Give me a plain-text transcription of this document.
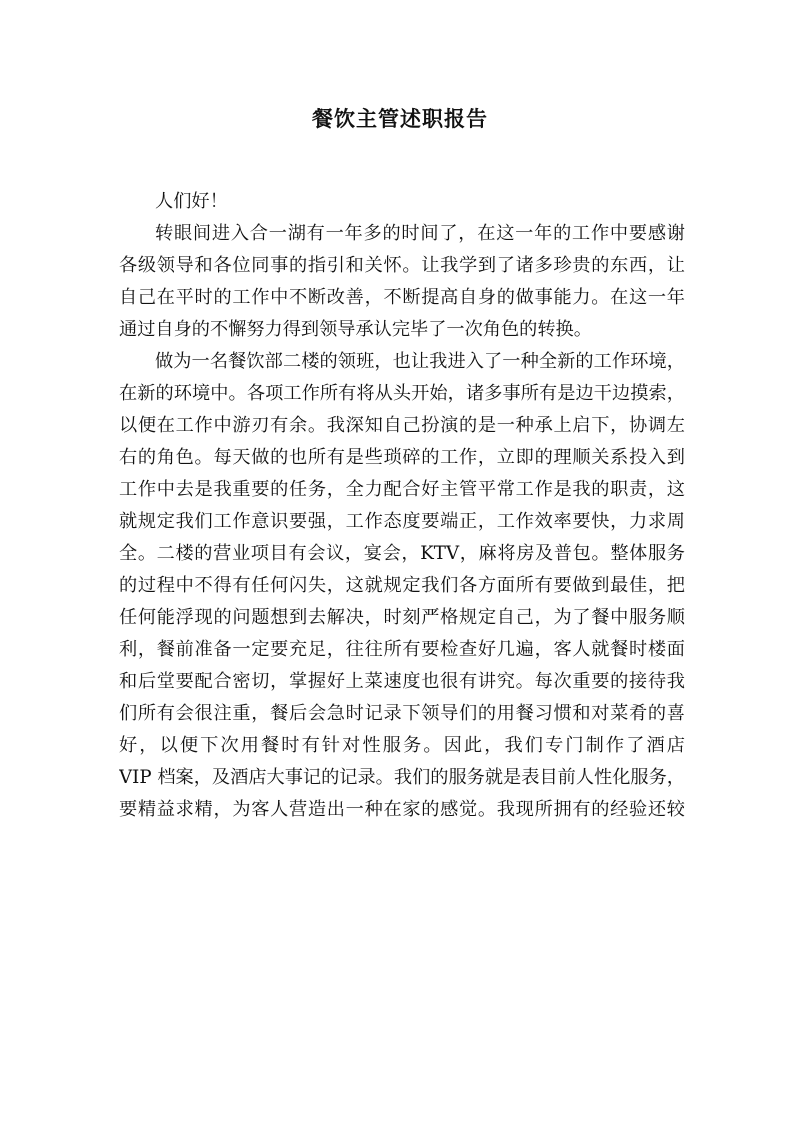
餐饮主管述职报告
人们好！
转眼间进入合一湖有一年多的时间了，在这一年的工作中要感谢
各级领导和各位同事的指引和关怀。让我学到了诸多珍贵的东西，让
自己在平时的工作中不断改善，不断提高自身的做事能力。在这一年
通过自身的不懈努力得到领导承认完毕了一次角色的转换。
做为一名餐饮部二楼的领班，也让我进入了一种全新的工作环境，
在新的环境中。各项工作所有将从头开始，诸多事所有是边干边摸索，
以便在工作中游刃有余。我深知自己扮演的是一种承上启下，协调左
右的角色。每天做的也所有是些琐碎的工作，立即的理顺关系投入到
工作中去是我重要的任务，全力配合好主管平常工作是我的职责，这
就规定我们工作意识要强，工作态度要端正，工作效率要快，力求周
全。二楼的营业项目有会议，宴会，KTV，麻将房及普包。整体服务
的过程中不得有任何闪失，这就规定我们各方面所有要做到最佳，把
任何能浮现的问题想到去解决，时刻严格规定自己，为了餐中服务顺
利，餐前准备一定要充足，往往所有要检查好几遍，客人就餐时楼面
和后堂要配合密切，掌握好上菜速度也很有讲究。每次重要的接待我
们所有会很注重，餐后会急时记录下领导们的用餐习惯和对菜肴的喜
好，以便下次用餐时有针对性服务。因此，我们专门制作了酒店
VIP 档案，及酒店大事记的记录。我们的服务就是表目前人性化服务，
要精益求精，为客人营造出一种在家的感觉。我现所拥有的经验还较
